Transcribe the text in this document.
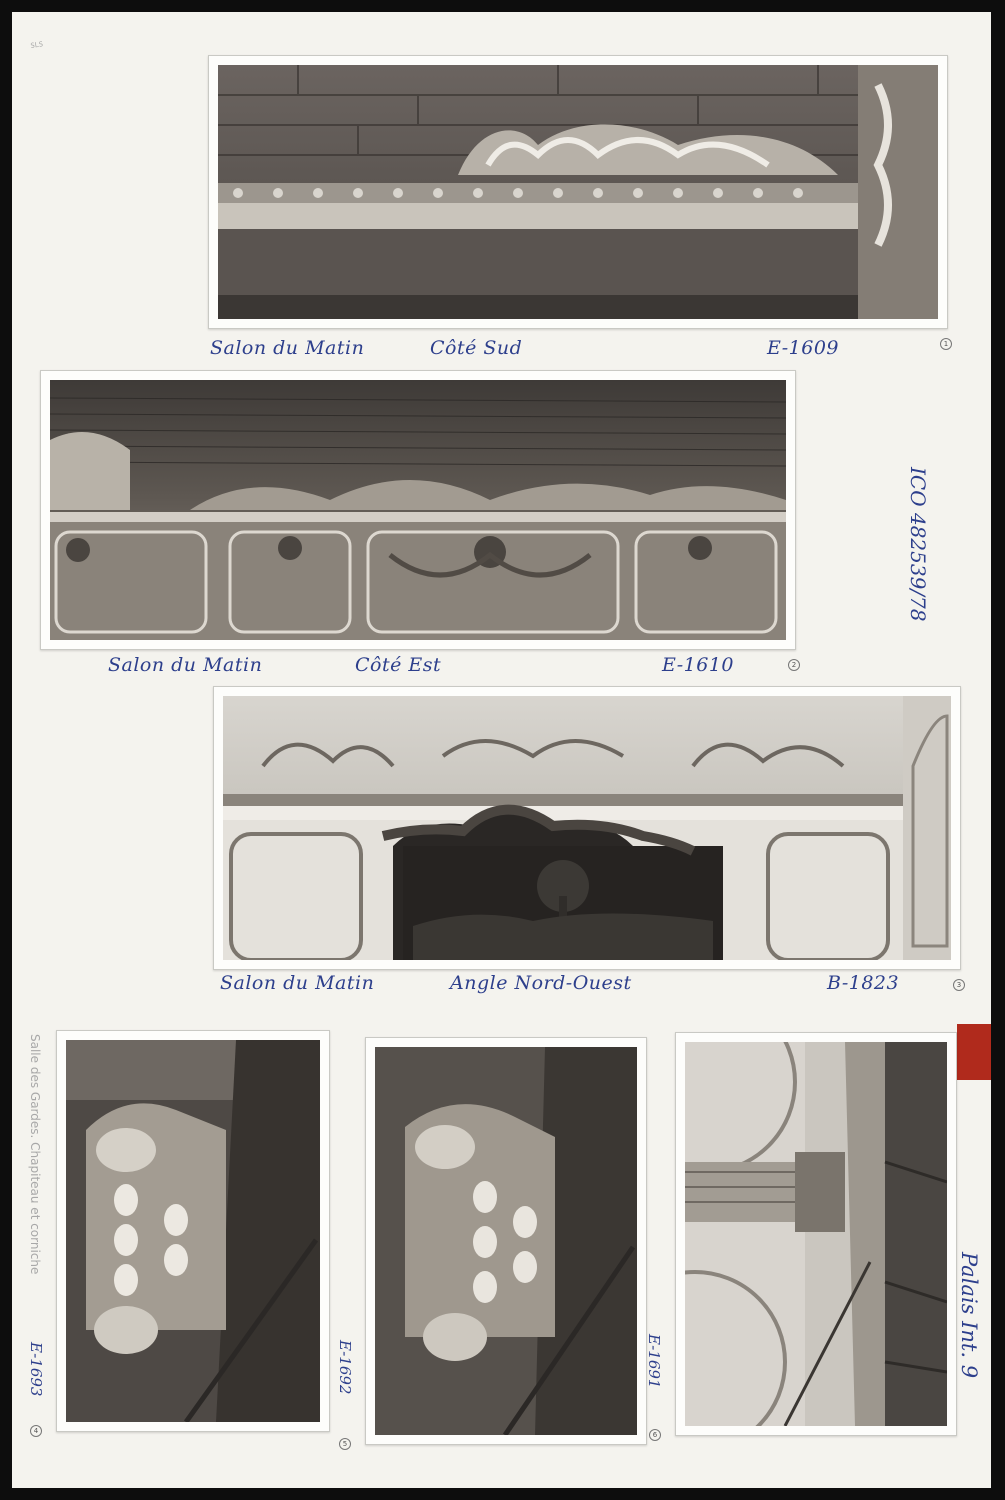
SLS
1
Salon du Matin	Côté Sud	E-1609
2
Salon du Matin	Côté Est	E-1610
ICO 482539/78
3
Salon du Matin	Angle Nord-Ouest	B-1823
Salle des Gardes. Chapiteau et corniche
4
E-1693
5
E-1692
6
E-1691	Palais Int. 9
